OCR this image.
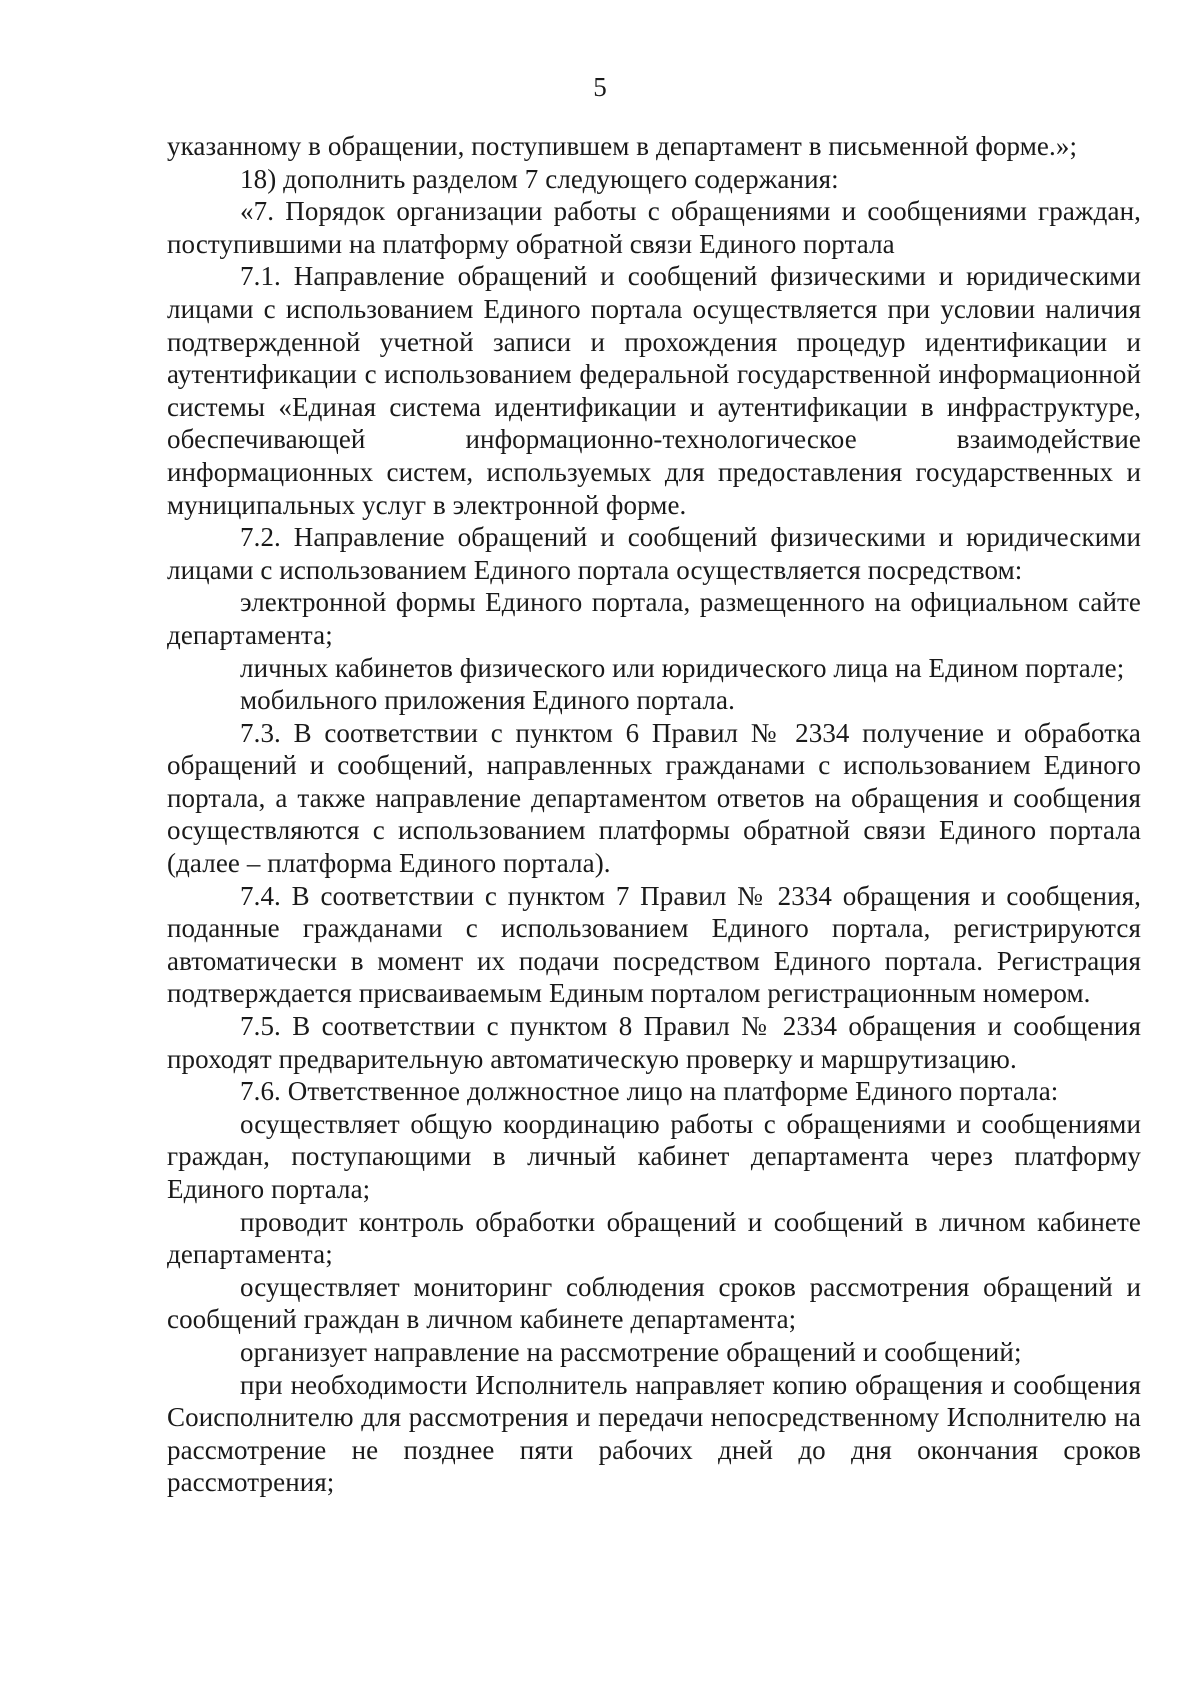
5

указанному в обращении, поступившем в департамент в письменной форме.»;

18) дополнить разделом 7 следующего содержания:

«7. Порядок организации работы с обращениями и сообщениями граждан, поступившими на платформу обратной связи Единого портала

7.1. Направление обращений и сообщений физическими и юридическими лицами с использованием Единого портала осуществляется при условии наличия подтвержденной учетной записи и прохождения процедур идентификации и аутентификации с использованием федеральной государственной информационной системы «Единая система идентификации и аутентификации в инфраструктуре, обеспечивающей информационно-технологическое взаимодействие информационных систем, используемых для предоставления государственных и муниципальных услуг в электронной форме.

7.2. Направление обращений и сообщений физическими и юридическими лицами с использованием Единого портала осуществляется посредством:

электронной формы Единого портала, размещенного на официальном сайте департамента;

личных кабинетов физического или юридического лица на Едином портале;

мобильного приложения Единого портала.

7.3. В соответствии с пунктом 6 Правил № 2334 получение и обработка обращений и сообщений, направленных гражданами с использованием Единого портала, а также направление департаментом ответов на обращения и сообщения осуществляются с использованием платформы обратной связи Единого портала (далее – платформа Единого портала).

7.4. В соответствии с пунктом 7 Правил № 2334 обращения и сообщения, поданные гражданами с использованием Единого портала, регистрируются автоматически в момент их подачи посредством Единого портала. Регистрация подтверждается присваиваемым Единым порталом регистрационным номером.

7.5. В соответствии с пунктом 8 Правил № 2334 обращения и сообщения проходят предварительную автоматическую проверку и маршрутизацию.

7.6. Ответственное должностное лицо на платформе Единого портала:

осуществляет общую координацию работы с обращениями и сообщениями граждан, поступающими в личный кабинет департамента через платформу Единого портала;

проводит контроль обработки обращений и сообщений в личном кабинете департамента;

осуществляет мониторинг соблюдения сроков рассмотрения обращений и сообщений граждан в личном кабинете департамента;

организует направление на рассмотрение обращений и сообщений;

при необходимости Исполнитель направляет копию обращения и сообщения Соисполнителю для рассмотрения и передачи непосредственному Исполнителю на рассмотрение не позднее пяти рабочих дней до дня окончания сроков рассмотрения;
